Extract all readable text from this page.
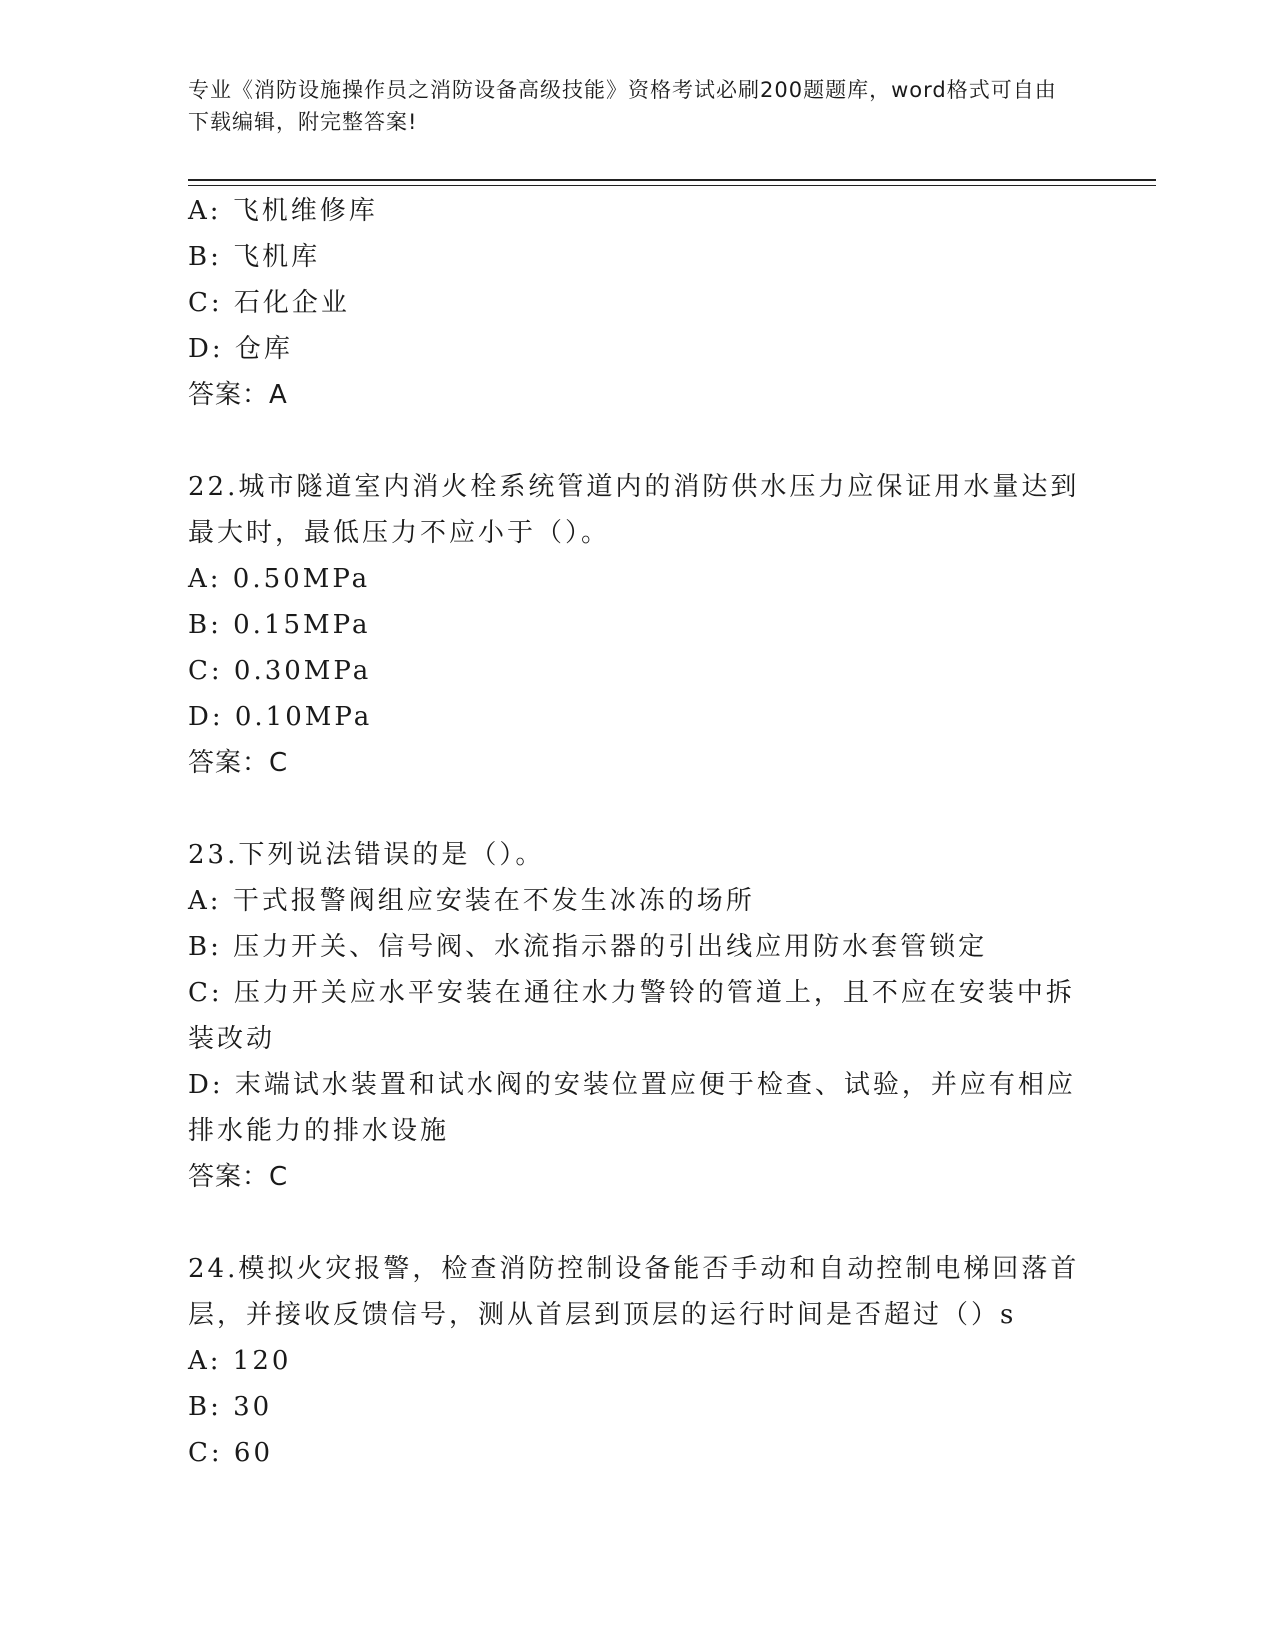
专业《消防设施操作员之消防设备高级技能》资格考试必刷200题题库，word格式可自由下载编辑，附完整答案!
A: 飞机维修库
B: 飞机库
C: 石化企业
D: 仓库
答案：A
22.城市隧道室内消火栓系统管道内的消防供水压力应保证用水量达到最大时，最低压力不应小于（）。
A: 0.50MPa
B: 0.15MPa
C: 0.30MPa
D: 0.10MPa
答案：C
23.下列说法错误的是（）。
A: 干式报警阀组应安装在不发生冰冻的场所
B: 压力开关、信号阀、水流指示器的引出线应用防水套管锁定
C: 压力开关应水平安装在通往水力警铃的管道上，且不应在安装中拆装改动
D: 末端试水装置和试水阀的安装位置应便于检查、试验，并应有相应排水能力的排水设施
答案：C
24.模拟火灾报警，检查消防控制设备能否手动和自动控制电梯回落首层，并接收反馈信号，测从首层到顶层的运行时间是否超过（）s
A: 120
B: 30
C: 60
